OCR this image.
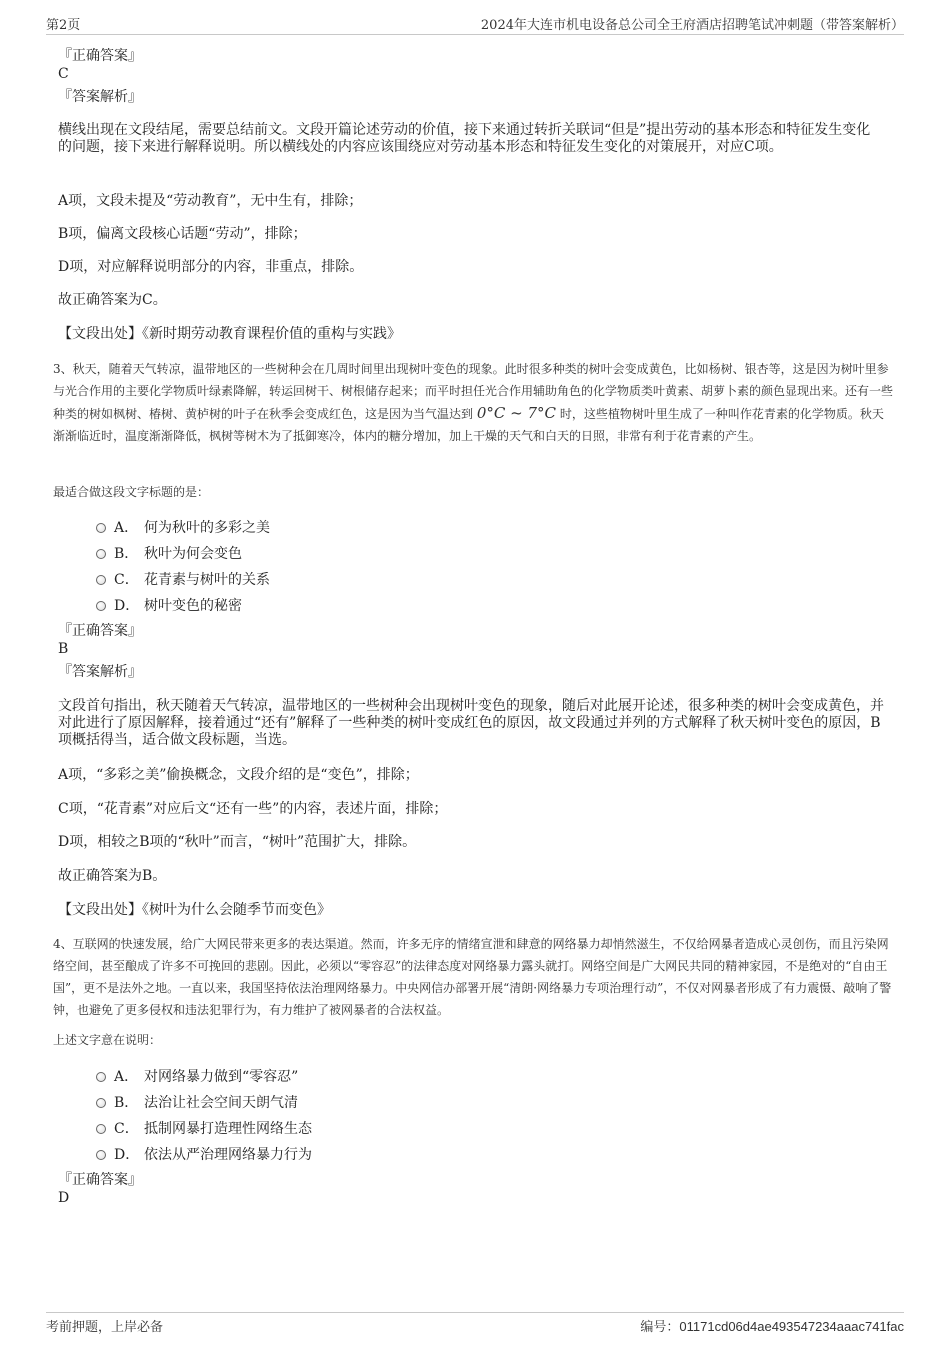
第2页	2024年大连市机电设备总公司全王府酒店招聘笔试冲刺题（带答案解析）
『正确答案』
C
『答案解析』
横线出现在文段结尾，需要总结前文。文段开篇论述劳动的价值，接下来通过转折关联词“但是”提出劳动的基本形态和特征发生变化的问题，接下来进行解释说明。所以横线处的内容应该围绕应对劳动基本形态和特征发生变化的对策展开，对应C项。
A项，文段未提及“劳动教育”，无中生有，排除；
B项，偏离文段核心话题“劳动”，排除；
D项，对应解释说明部分的内容，非重点，排除。
故正确答案为C。
【文段出处】《新时期劳动教育课程价值的重构与实践》
3、秋天，随着天气转凉，温带地区的一些树种会在几周时间里出现树叶变色的现象。此时很多种类的树叶会变成黄色，比如杨树、银杏等，这是因为树叶里参与光合作用的主要化学物质叶绿素降解，转运回树干、树根储存起来；而平时担任光合作用辅助角色的化学物质类叶黄素、胡萝卜素的颜色显现出来。还有一些种类的树如枫树、椿树、黄栌树的叶子在秋季会变成红色，这是因为当气温达到 0°C ~ 7°C 时，这些植物树叶里生成了一种叫作花青素的化学物质。秋天渐渐临近时，温度渐渐降低，枫树等树木为了抵御寒冷，体内的糖分增加，加上干燥的天气和白天的日照，非常有利于花青素的产生。
最适合做这段文字标题的是：
A． 何为秋叶的多彩之美
B． 秋叶为何会变色
C． 花青素与树叶的关系
D． 树叶变色的秘密
『正确答案』
B
『答案解析』
文段首句指出，秋天随着天气转凉，温带地区的一些树种会出现树叶变色的现象，随后对此展开论述，很多种类的树叶会变成黄色，并对此进行了原因解释，接着通过“还有”解释了一些种类的树叶变成红色的原因，故文段通过并列的方式解释了秋天树叶变色的原因，B项概括得当，适合做文段标题，当选。
A项，“多彩之美”偷换概念，文段介绍的是“变色”，排除；
C项，“花青素”对应后文“还有一些”的内容，表述片面，排除；
D项，相较之B项的“秋叶”而言，“树叶”范围扩大，排除。
故正确答案为B。
【文段出处】《树叶为什么会随季节而变色》
4、互联网的快速发展，给广大网民带来更多的表达渠道。然而，许多无序的情绪宣泄和肆意的网络暴力却悄然滋生，不仅给网暴者造成心灵创伤，而且污染网络空间，甚至酿成了许多不可挽回的悲剧。因此，必须以“零容忍”的法律态度对网络暴力露头就打。网络空间是广大网民共同的精神家园，不是绝对的“自由王国”，更不是法外之地。一直以来，我国坚持依法治理网络暴力。中央网信办部署开展“清朗·网络暴力专项治理行动”，不仅对网暴者形成了有力震慑、敲响了警钟，也避免了更多侵权和违法犯罪行为，有力维护了被网暴者的合法权益。
上述文字意在说明：
A． 对网络暴力做到“零容忍”
B． 法治让社会空间天朗气清
C． 抵制网暴打造理性网络生态
D． 依法从严治理网络暴力行为
『正确答案』
D
考前押题，上岸必备	编号：01171cd06d4ae493547234aaac741fac
